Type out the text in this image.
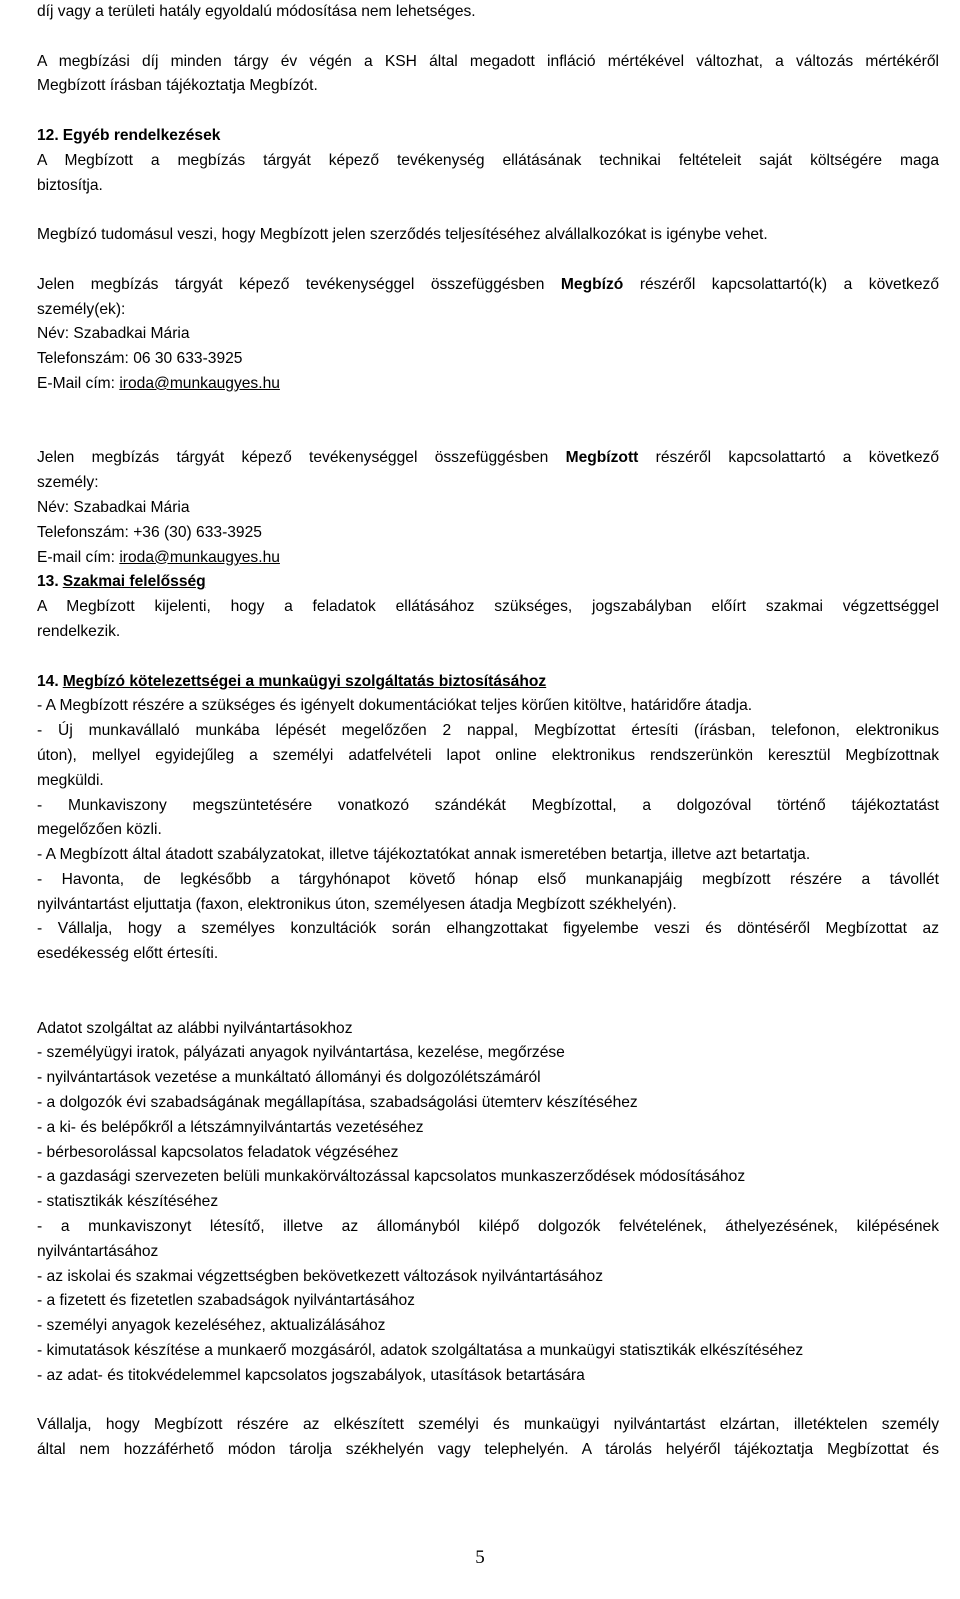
díj vagy a területi hatály egyoldalú módosítása nem lehetséges.
A megbízási díj minden tárgy év végén a KSH által megadott infláció mértékével változhat, a változás mértékéről
Megbízott írásban tájékoztatja Megbízót.
12. Egyéb rendelkezések
A Megbízott a megbízás tárgyát képező tevékenység ellátásának technikai feltételeit saját költségére maga
biztosítja.
Megbízó tudomásul veszi, hogy Megbízott jelen szerződés teljesítéséhez alvállalkozókat is igénybe vehet.
Jelen megbízás tárgyát képező tevékenységgel összefüggésben Megbízó részéről kapcsolattartó(k) a következő
személy(ek):
Név: Szabadkai Mária
Telefonszám: 06 30 633-3925
E-Mail cím: iroda@munkaugyes.hu
Jelen megbízás tárgyát képező tevékenységgel összefüggésben Megbízott részéről kapcsolattartó a következő
személy:
Név: Szabadkai Mária
Telefonszám: +36 (30) 633-3925
E-mail cím: iroda@munkaugyes.hu
13. Szakmai felelősség
A Megbízott kijelenti, hogy a feladatok ellátásához szükséges, jogszabályban előírt szakmai végzettséggel
rendelkezik.
14. Megbízó kötelezettségei a munkaügyi szolgáltatás biztosításához
- A Megbízott részére a szükséges és igényelt dokumentációkat teljes körűen kitöltve, határidőre átadja.
- Új munkavállaló munkába lépését megelőzően 2 nappal, Megbízottat értesíti (írásban, telefonon, elektronikus
úton), mellyel egyidejűleg a személyi adatfelvételi lapot online elektronikus rendszerünkön keresztül Megbízottnak
megküldi.
- Munkaviszony megszüntetésére vonatkozó szándékát Megbízottal, a dolgozóval történő tájékoztatást
megelőzően közli.
- A Megbízott által átadott szabályzatokat, illetve tájékoztatókat annak ismeretében betartja, illetve azt betartatja.
- Havonta, de legkésőbb a tárgyhónapot követő hónap első munkanapjáig megbízott részére a távollét
nyilvántartást eljuttatja (faxon, elektronikus úton, személyesen átadja Megbízott székhelyén).
- Vállalja, hogy a személyes konzultációk során elhangzottakat figyelembe veszi és döntéséről Megbízottat az
esedékesség előtt értesíti.
Adatot szolgáltat az alábbi nyilvántartásokhoz
- személyügyi iratok, pályázati anyagok nyilvántartása, kezelése, megőrzése
- nyilvántartások vezetése a munkáltató állományi és dolgozólétszámáról
- a dolgozók évi szabadságának megállapítása, szabadságolási ütemterv készítéséhez
- a ki- és belépőkről a létszámnyilvántartás vezetéséhez
- bérbesorolással kapcsolatos feladatok végzéséhez
- a gazdasági szervezeten belüli munkakörváltozással kapcsolatos munkaszerződések módosításához
- statisztikák készítéséhez
- a munkaviszonyt létesítő, illetve az állományból kilépő dolgozók felvételének, áthelyezésének, kilépésének
nyilvántartásához
- az iskolai és szakmai végzettségben bekövetkezett változások nyilvántartásához
- a fizetett és fizetetlen szabadságok nyilvántartásához
- személyi anyagok kezeléséhez, aktualizálásához
- kimutatások készítése a munkaerő mozgásáról, adatok szolgáltatása a munkaügyi statisztikák elkészítéséhez
- az adat- és titokvédelemmel kapcsolatos jogszabályok, utasítások betartására
Vállalja, hogy Megbízott részére az elkészített személyi és munkaügyi nyilvántartást elzártan, illetéktelen személy
által nem hozzáférhető módon tárolja székhelyén vagy telephelyén. A tárolás helyéről tájékoztatja Megbízottat és
5
